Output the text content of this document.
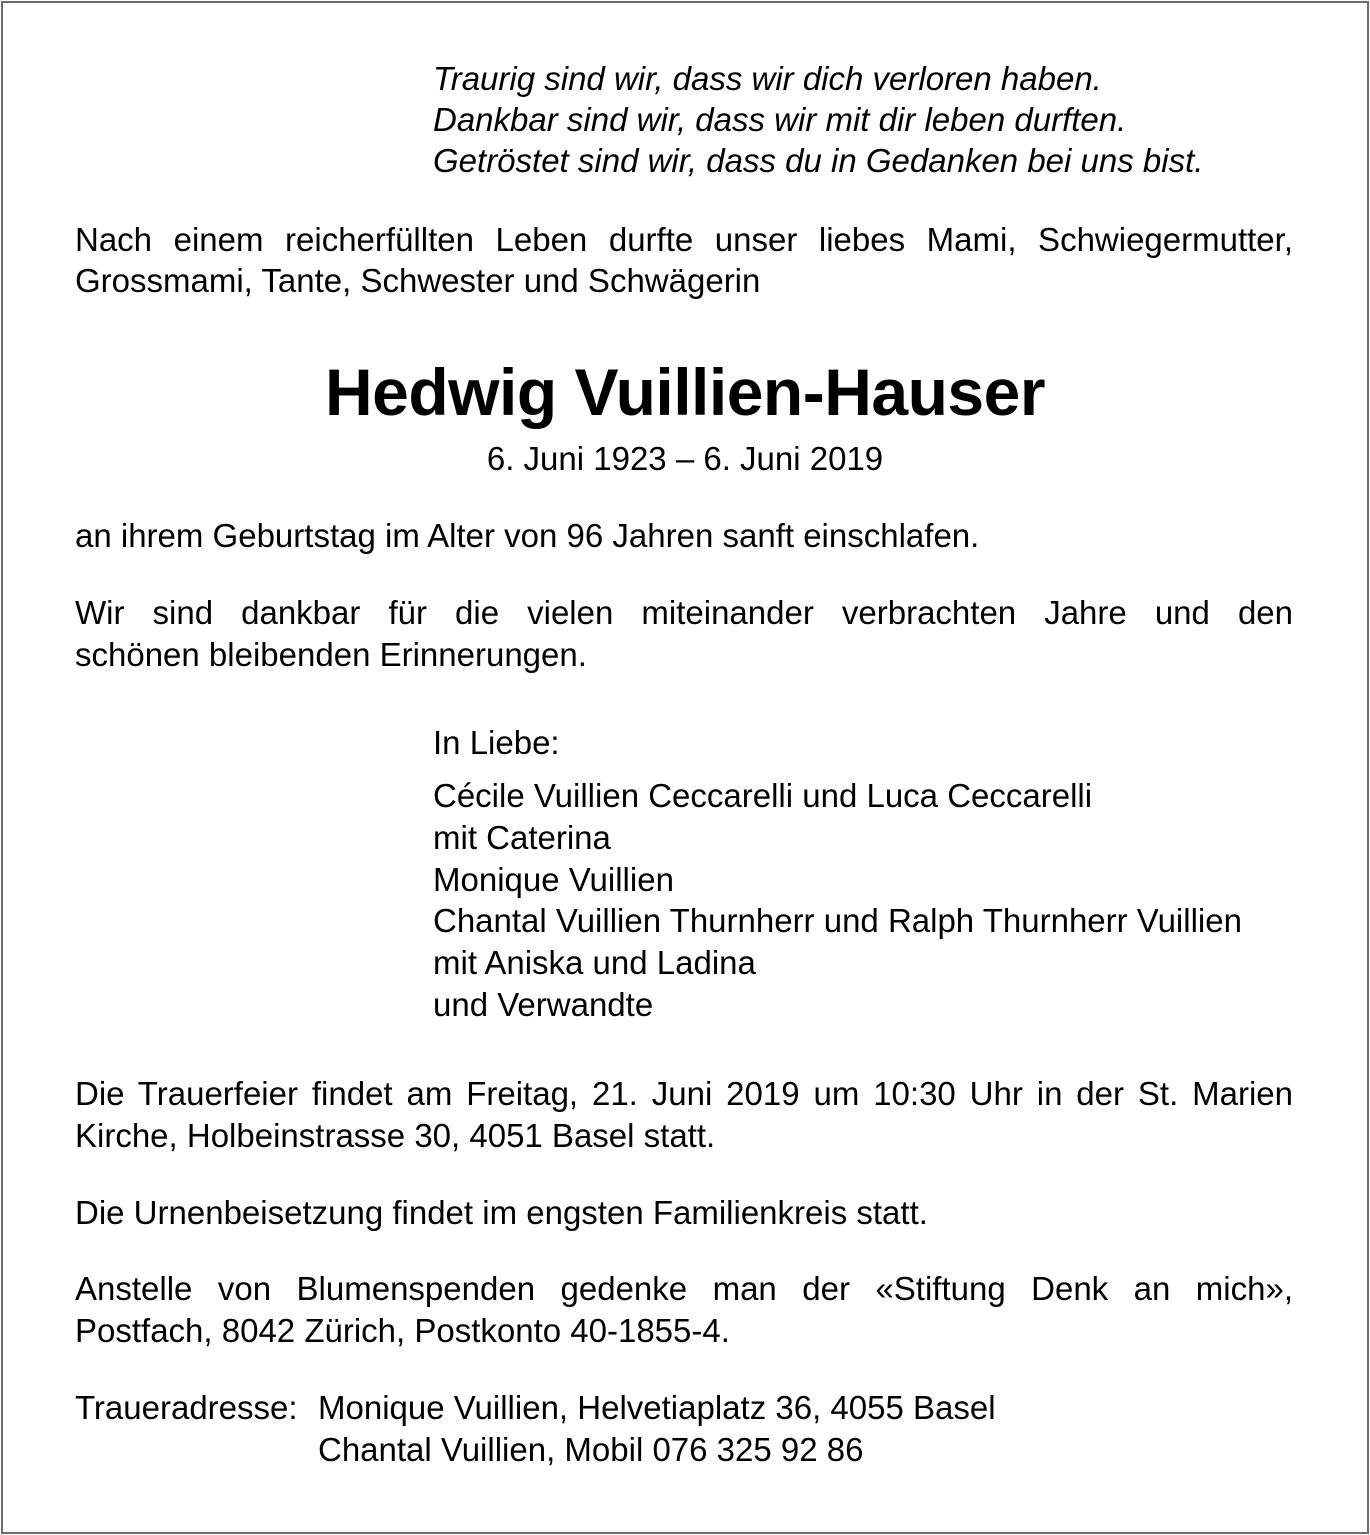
Traurig sind wir, dass wir dich verloren haben.
Dankbar sind wir, dass wir mit dir leben durften.
Getröstet sind wir, dass du in Gedanken bei uns bist.
Nach einem reicherfüllten Leben durfte unser liebes Mami, Schwiegermutter,
Grossmami, Tante, Schwester und Schwägerin
Hedwig Vuillien-Hauser
6. Juni 1923 – 6. Juni 2019
an ihrem Geburtstag im Alter von 96 Jahren sanft einschlafen.
Wir sind dankbar für die vielen miteinander verbrachten Jahre und den
schönen bleibenden Erinnerungen.
In Liebe:
Cécile Vuillien Ceccarelli und Luca Ceccarelli
mit Caterina
Monique Vuillien
Chantal Vuillien Thurnherr und Ralph Thurnherr Vuillien
mit Aniska und Ladina
und Verwandte
Die Trauerfeier findet am Freitag, 21. Juni 2019 um 10:30 Uhr in der St. Marien
Kirche, Holbeinstrasse 30, 4051 Basel statt.
Die Urnenbeisetzung findet im engsten Familienkreis statt.
Anstelle von Blumenspenden gedenke man der «Stiftung Denk an mich»,
Postfach, 8042 Zürich, Postkonto 40-1855-4.
Traueradresse: Monique Vuillien, Helvetiaplatz 36, 4055 Basel
Chantal Vuillien, Mobil 076 325 92 86
